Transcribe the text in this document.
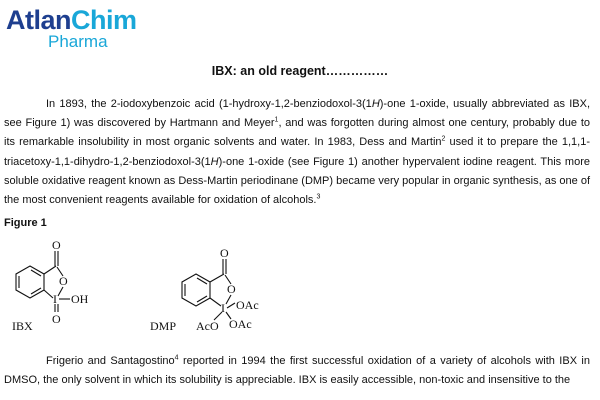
AtlanChim
Pharma
IBX: an old reagent……………
In 1893, the 2-iodoxybenzoic acid (1-hydroxy-1,2-benziodoxol-3(1H)-one 1-oxide, usually abbreviated as IBX, see Figure 1) was discovered by Hartmann and Meyer$^1$, and was forgotten during almost one century, probably due to its remarkable insolubility in most organic solvents and water. In 1983, Dess and Martin$^2$ used it to prepare the 1,1,1-triacetoxy-1,1-dihydro-1,2-benziodoxol-3(1H)-one 1-oxide (see Figure 1) another hypervalent iodine reagent. This more soluble oxidative reagent known as Dess-Martin periodinane (DMP) became very popular in organic synthesis, as one of the most convenient reagents available for oxidation of alcohols.$^3$
Figure 1
O
O
I OH
O
IBX
O
O
I OAc
AcO OAc
DMP
Frigerio and Santagostino$^4$ reported in 1994 the first successful oxidation of a variety of alcohols with IBX in DMSO, the only solvent in which its solubility is appreciable. IBX is easily accessible, non-toxic and insensitive to the
